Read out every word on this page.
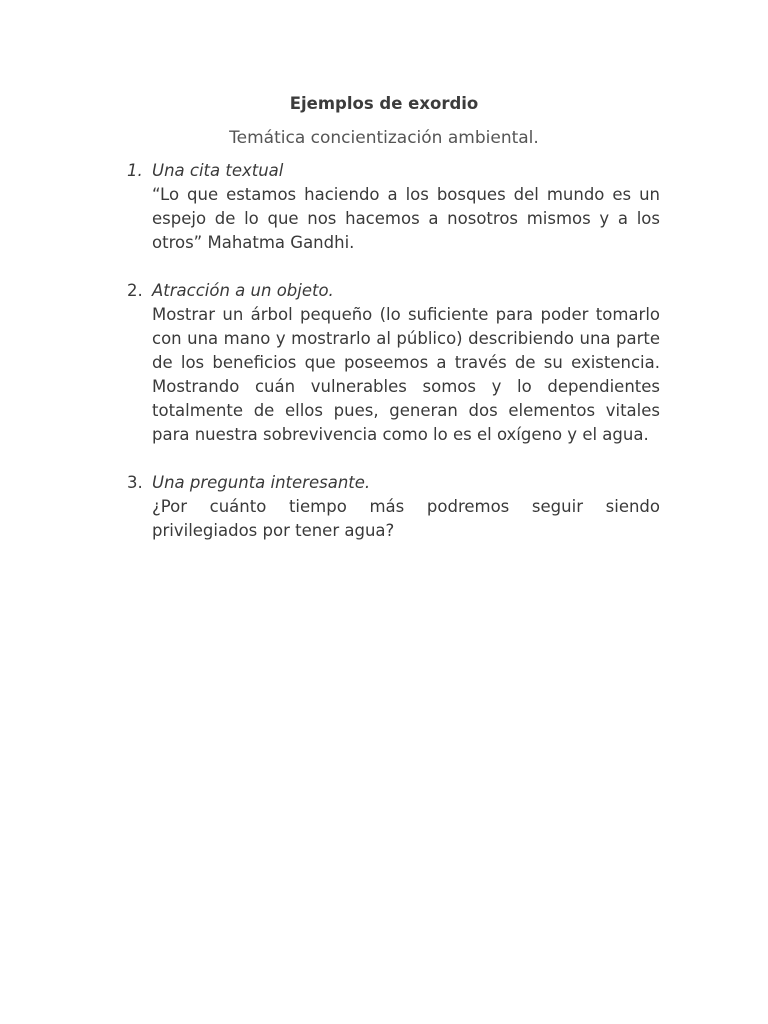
Ejemplos de exordio
Temática concientización ambiental.
1. Una cita textual
“Lo que estamos haciendo a los bosques del mundo es un espejo de lo que nos hacemos a nosotros mismos y a los otros” Mahatma Gandhi.
2. Atracción a un objeto.
Mostrar un árbol pequeño (lo suficiente para poder tomarlo con una mano y mostrarlo al público) describiendo una parte de los beneficios que poseemos a través de su existencia. Mostrando cuán vulnerables somos y lo dependientes totalmente de ellos pues, generan dos elementos vitales para nuestra sobrevivencia como lo es el oxígeno y el agua.
3. Una pregunta interesante.
¿Por cuánto tiempo más podremos seguir siendo privilegiados por tener agua?
